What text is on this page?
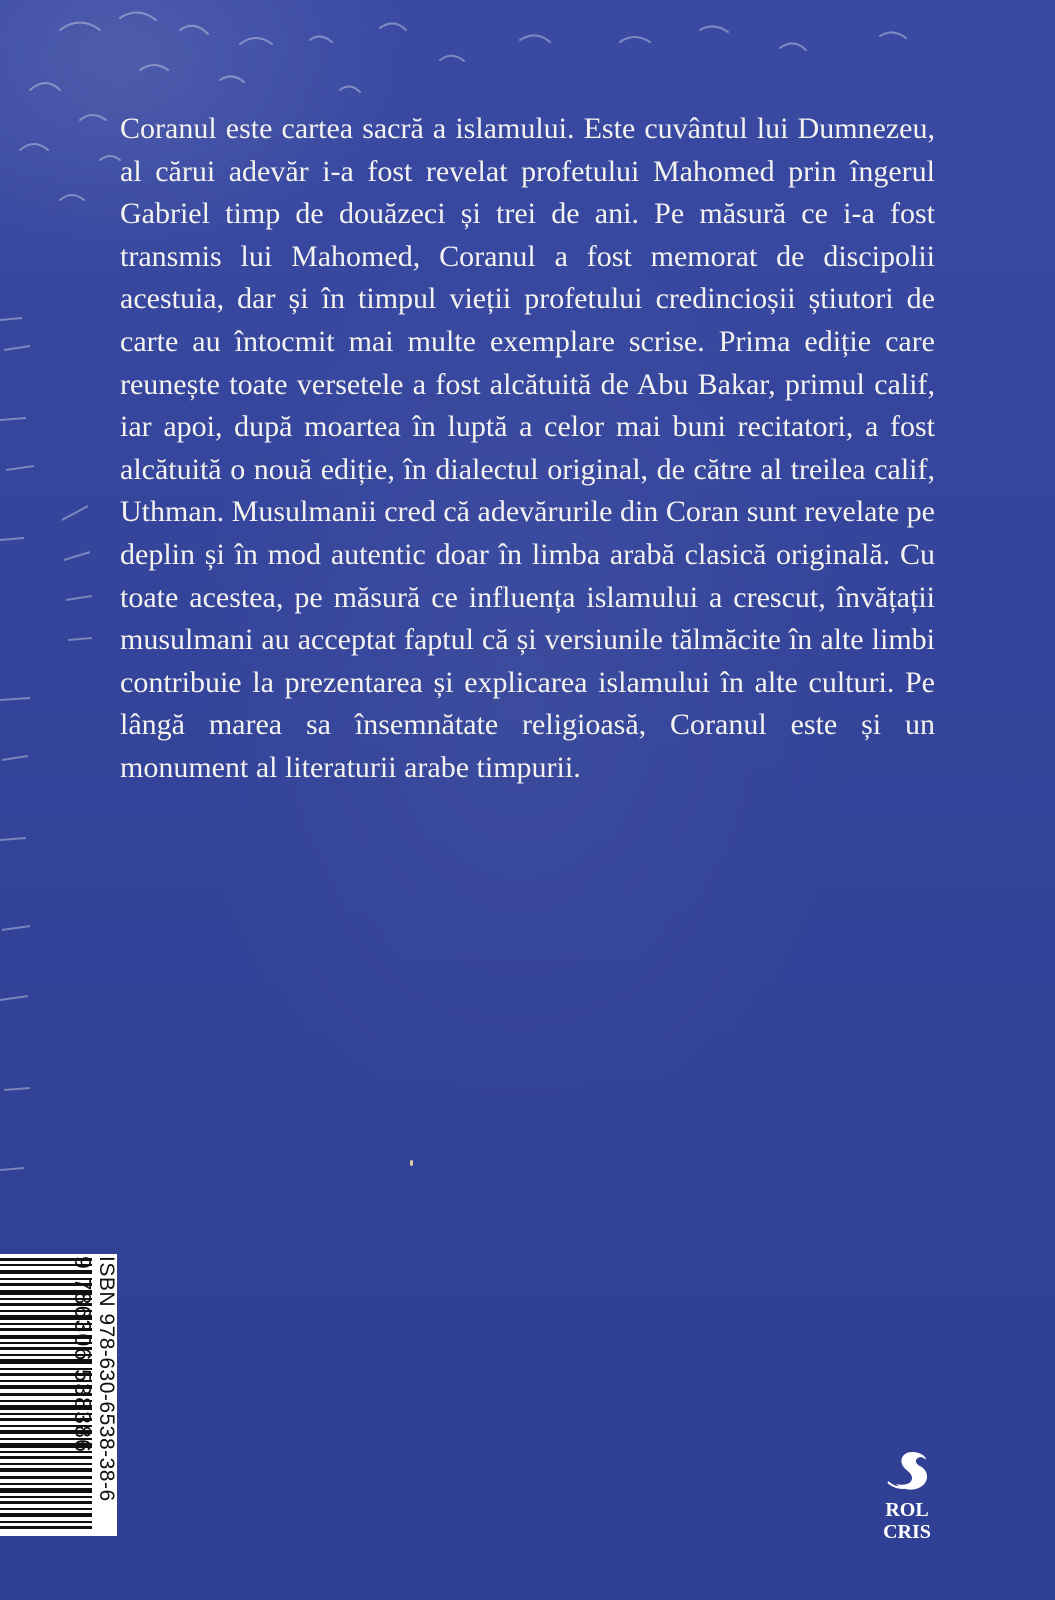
Coranul este cartea sacră a islamului. Este cuvântul lui Dumnezeu, al cărui adevăr i-a fost revelat profetului Mahomed prin îngerul Gabriel timp de douăzeci și trei de ani. Pe măsură ce i-a fost transmis lui Mahomed, Coranul a fost memorat de discipolii acestuia, dar și în timpul vieții profetului credincioșii știutori de carte au întocmit mai multe exemplare scrise. Prima ediție care reunește toate versetele a fost alcătuită de Abu Bakar, primul calif, iar apoi, după moartea în luptă a celor mai buni recitatori, a fost alcătuită o nouă ediție, în dialectul original, de către al treilea calif, Uthman. Musulmanii cred că adevărurile din Coran sunt revelate pe deplin și în mod autentic doar în limba arabă clasică originală. Cu toate acestea, pe măsură ce influența islamului a crescut, învățații musulmani au acceptat faptul că și versiunile tălmăcite în alte limbi contribuie la prezentarea și explicarea islamului în alte culturi. Pe lângă marea sa însemnătate religioasă, Coranul este și un monument al literaturii arabe timpurii.

9 786306 538386 ISBN 978-630-6538-38-6
ROL
CRIS
